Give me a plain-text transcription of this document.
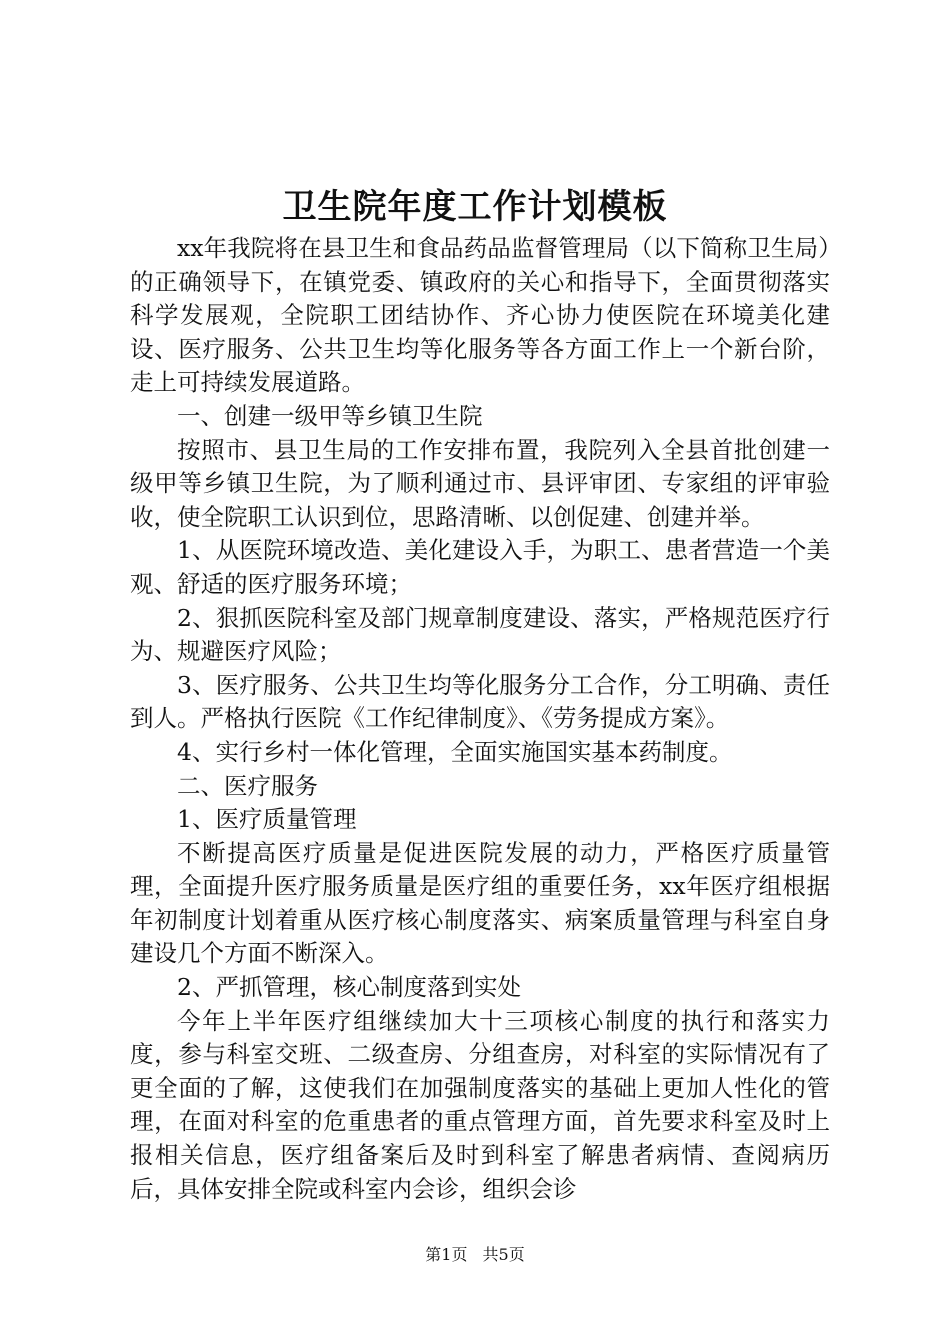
卫生院年度工作计划模板

xx年我院将在县卫生和食品药品监督管理局（以下简称卫生局）的正确领导下，在镇党委、镇政府的关心和指导下，全面贯彻落实科学发展观，全院职工团结协作、齐心协力使医院在环境美化建设、医疗服务、公共卫生均等化服务等各方面工作上一个新台阶，走上可持续发展道路。

一、创建一级甲等乡镇卫生院

按照市、县卫生局的工作安排布置，我院列入全县首批创建一级甲等乡镇卫生院，为了顺利通过市、县评审团、专家组的评审验收，使全院职工认识到位，思路清晰、以创促建、创建并举。

1、从医院环境改造、美化建设入手，为职工、患者营造一个美观、舒适的医疗服务环境；

2、狠抓医院科室及部门规章制度建设、落实，严格规范医疗行为、规避医疗风险；

3、医疗服务、公共卫生均等化服务分工合作，分工明确、责任到人。严格执行医院《工作纪律制度》、《劳务提成方案》。

4、实行乡村一体化管理，全面实施国实基本药制度。

二、医疗服务

1、医疗质量管理

不断提高医疗质量是促进医院发展的动力，严格医疗质量管理，全面提升医疗服务质量是医疗组的重要任务，xx年医疗组根据年初制度计划着重从医疗核心制度落实、病案质量管理与科室自身建设几个方面不断深入。

2、严抓管理，核心制度落到实处

今年上半年医疗组继续加大十三项核心制度的执行和落实力度，参与科室交班、二级查房、分组查房，对科室的实际情况有了更全面的了解，这使我们在加强制度落实的基础上更加人性化的管理，在面对科室的危重患者的重点管理方面，首先要求科室及时上报相关信息，医疗组备案后及时到科室了解患者病情、查阅病历后，具体安排全院或科室内会诊，组织会诊

第1页 共5页
